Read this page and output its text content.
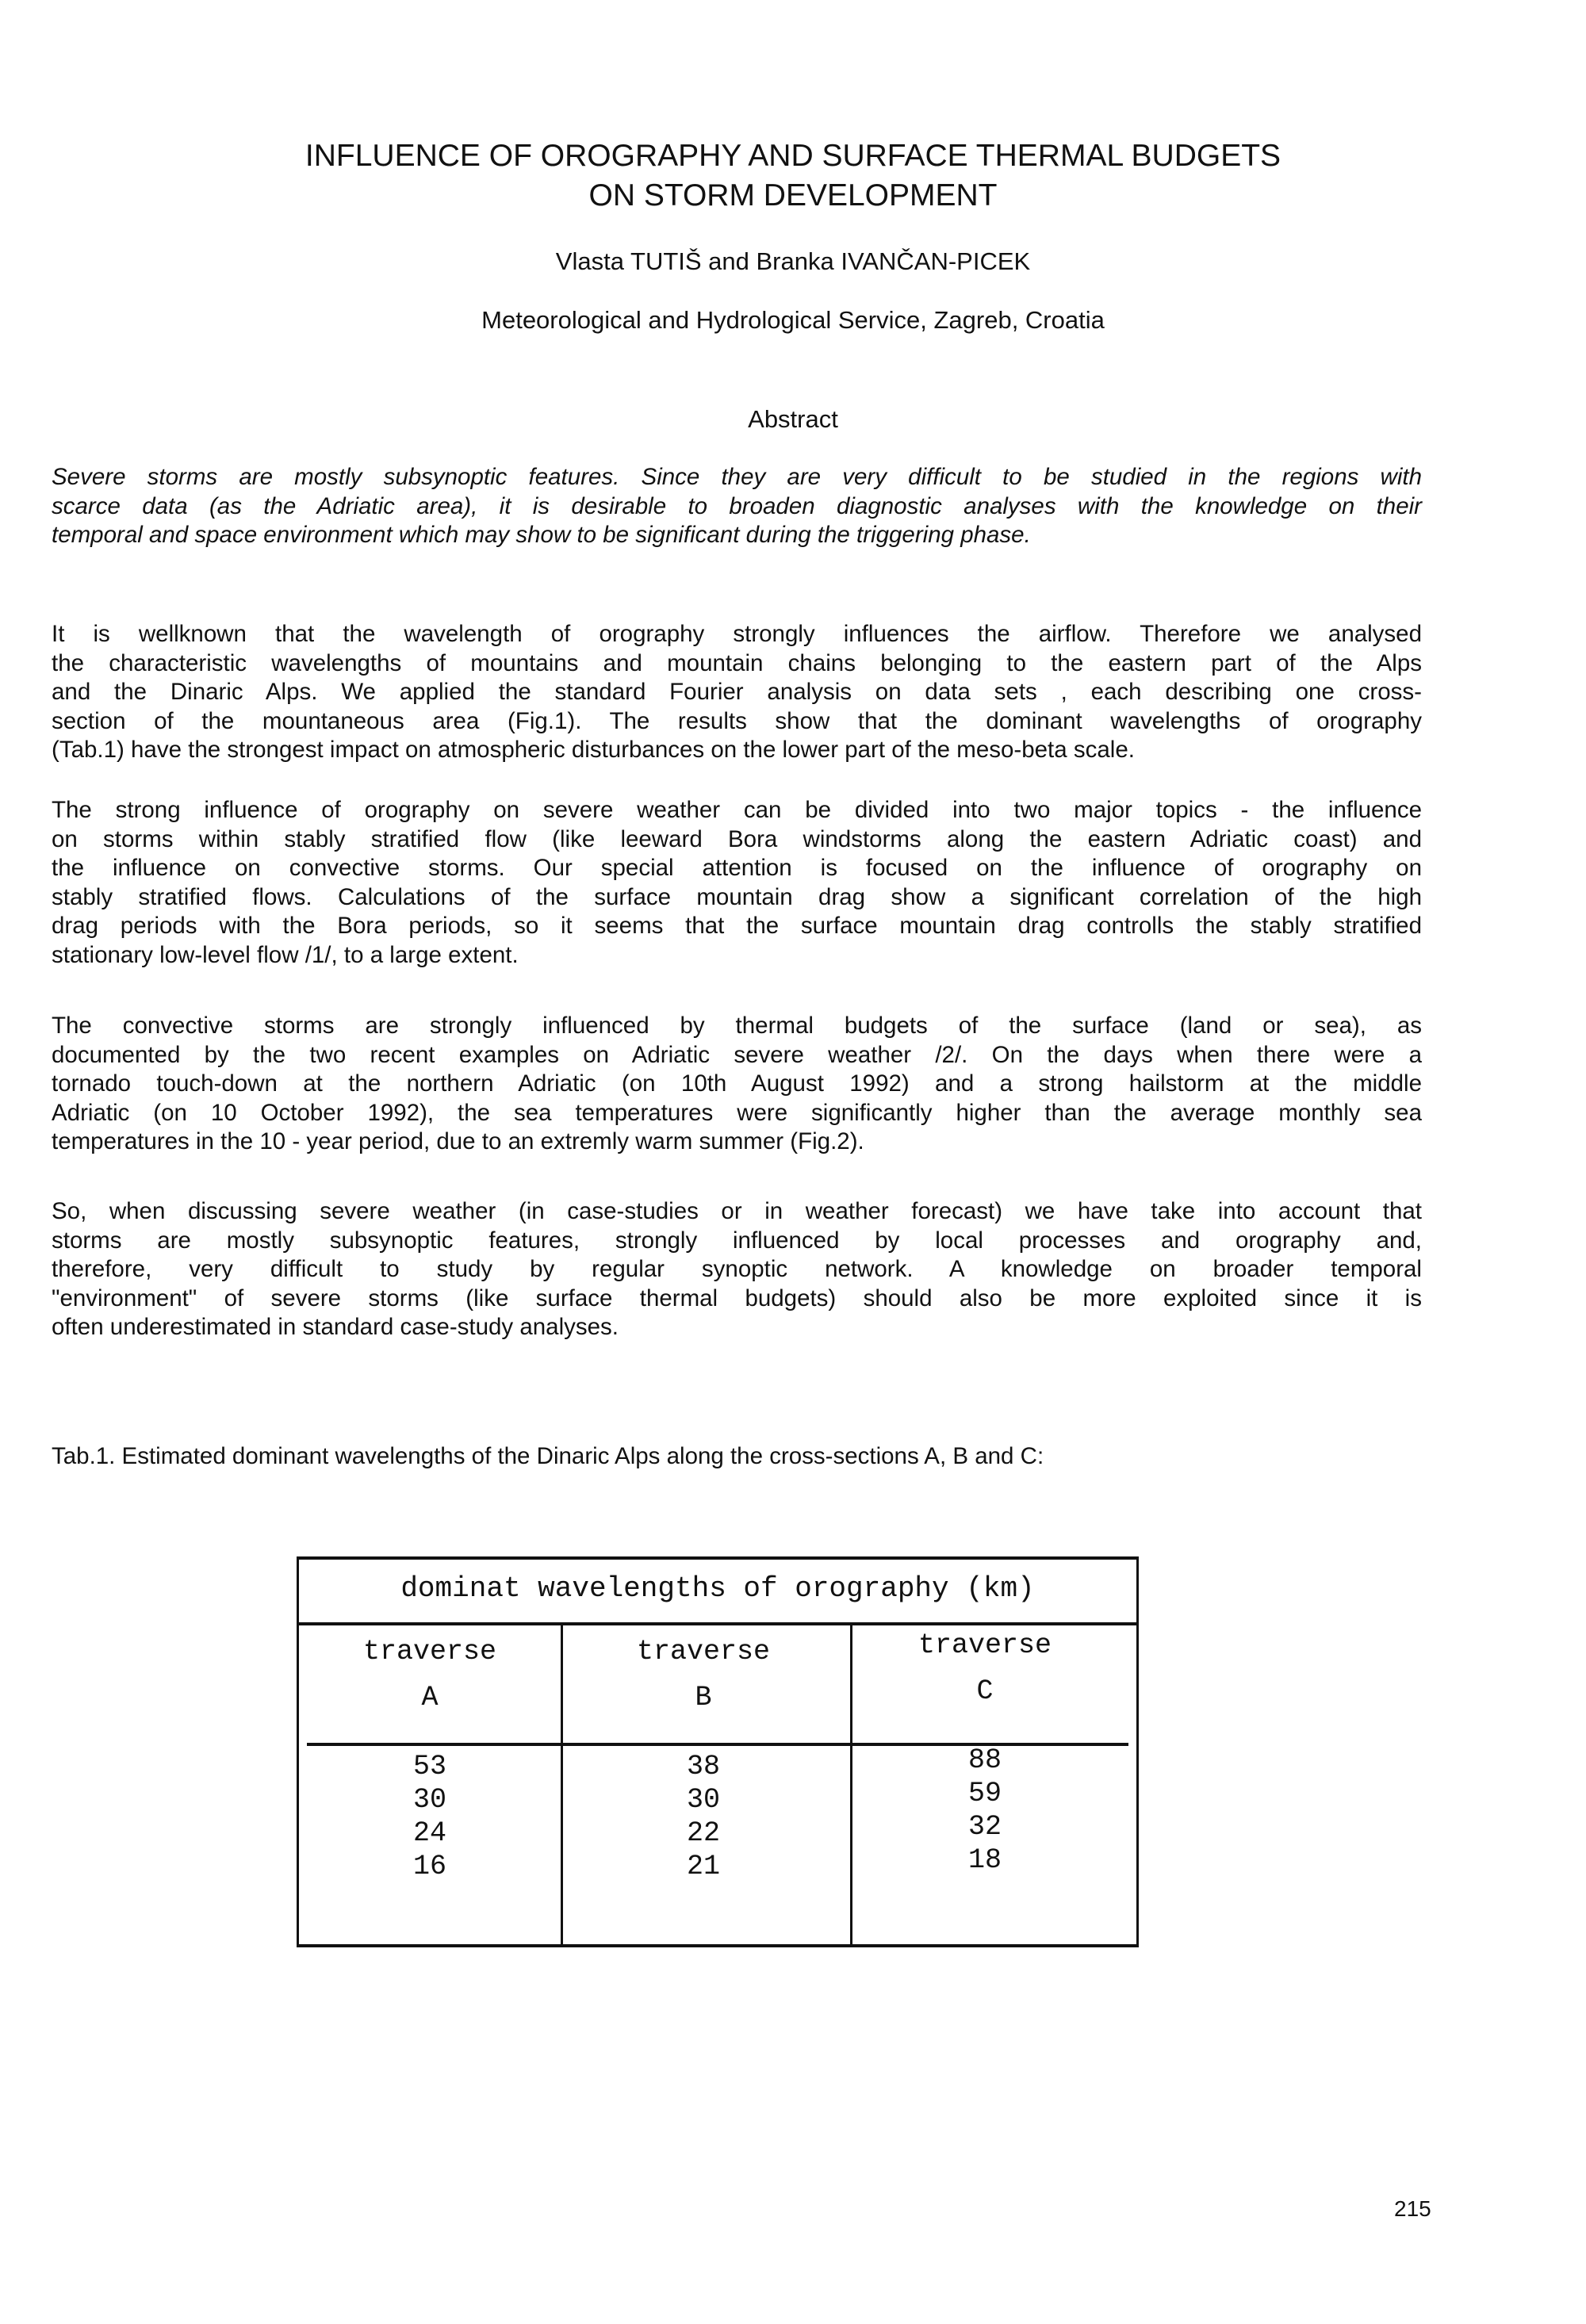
INFLUENCE OF OROGRAPHY AND SURFACE THERMAL BUDGETS
ON STORM DEVELOPMENT
Vlasta TUTIŠ and Branka IVANČAN-PICEK
Meteorological and Hydrological Service, Zagreb, Croatia
Abstract
Severe storms are mostly subsynoptic features. Since they are very difficult to be studied in the regions with
scarce data (as the Adriatic area), it is desirable to broaden diagnostic analyses with the knowledge on their
temporal and space environment which may show to be significant during the triggering phase.
It is wellknown that the wavelength of orography strongly influences the airflow. Therefore we analysed
the characteristic wavelengths of mountains and mountain chains belonging to the eastern part of the Alps
and the Dinaric Alps. We applied the standard Fourier analysis on data sets , each describing one cross-
section of the mountaneous area (Fig.1). The results show that the dominant wavelengths of orography
(Tab.1) have the strongest impact on atmospheric disturbances on the lower part of the meso-beta scale.
The strong influence of orography on severe weather can be divided into two major topics - the influence
on storms within stably stratified flow (like leeward Bora windstorms along the eastern Adriatic coast) and
the influence on convective storms. Our special attention is focused on the influence of orography on
stably stratified flows. Calculations of the surface mountain drag show a significant correlation of the high
drag periods with the Bora periods, so it seems that the surface mountain drag controlls the stably stratified
stationary low-level flow /1/, to a large extent.
The convective storms are strongly influenced by thermal budgets of the surface (land or sea), as
documented by the two recent examples on Adriatic severe weather /2/. On the days when there were a
tornado touch-down at the northern Adriatic (on 10th August 1992) and a strong hailstorm at the middle
Adriatic (on 10 October 1992), the sea temperatures were significantly higher than the average monthly sea
temperatures in the 10 - year period, due to an extremly warm summer (Fig.2).
So, when discussing severe weather (in case-studies or in weather forecast) we have take into account that
storms are mostly subsynoptic features, strongly influenced by local processes and orography and,
therefore, very difficult to study by regular synoptic network. A knowledge on broader temporal
"environment" of severe storms (like surface thermal budgets) should also be more exploited since it is
often underestimated in standard case-study analyses.
Tab.1. Estimated dominant wavelengths of the Dinaric Alps along the cross-sections A, B and C:
dominat wavelengths of orography (km)
traverse
A
53
30
24
16
traverse
B
38
30
22
21
traverse
C
88
59
32
18
215
